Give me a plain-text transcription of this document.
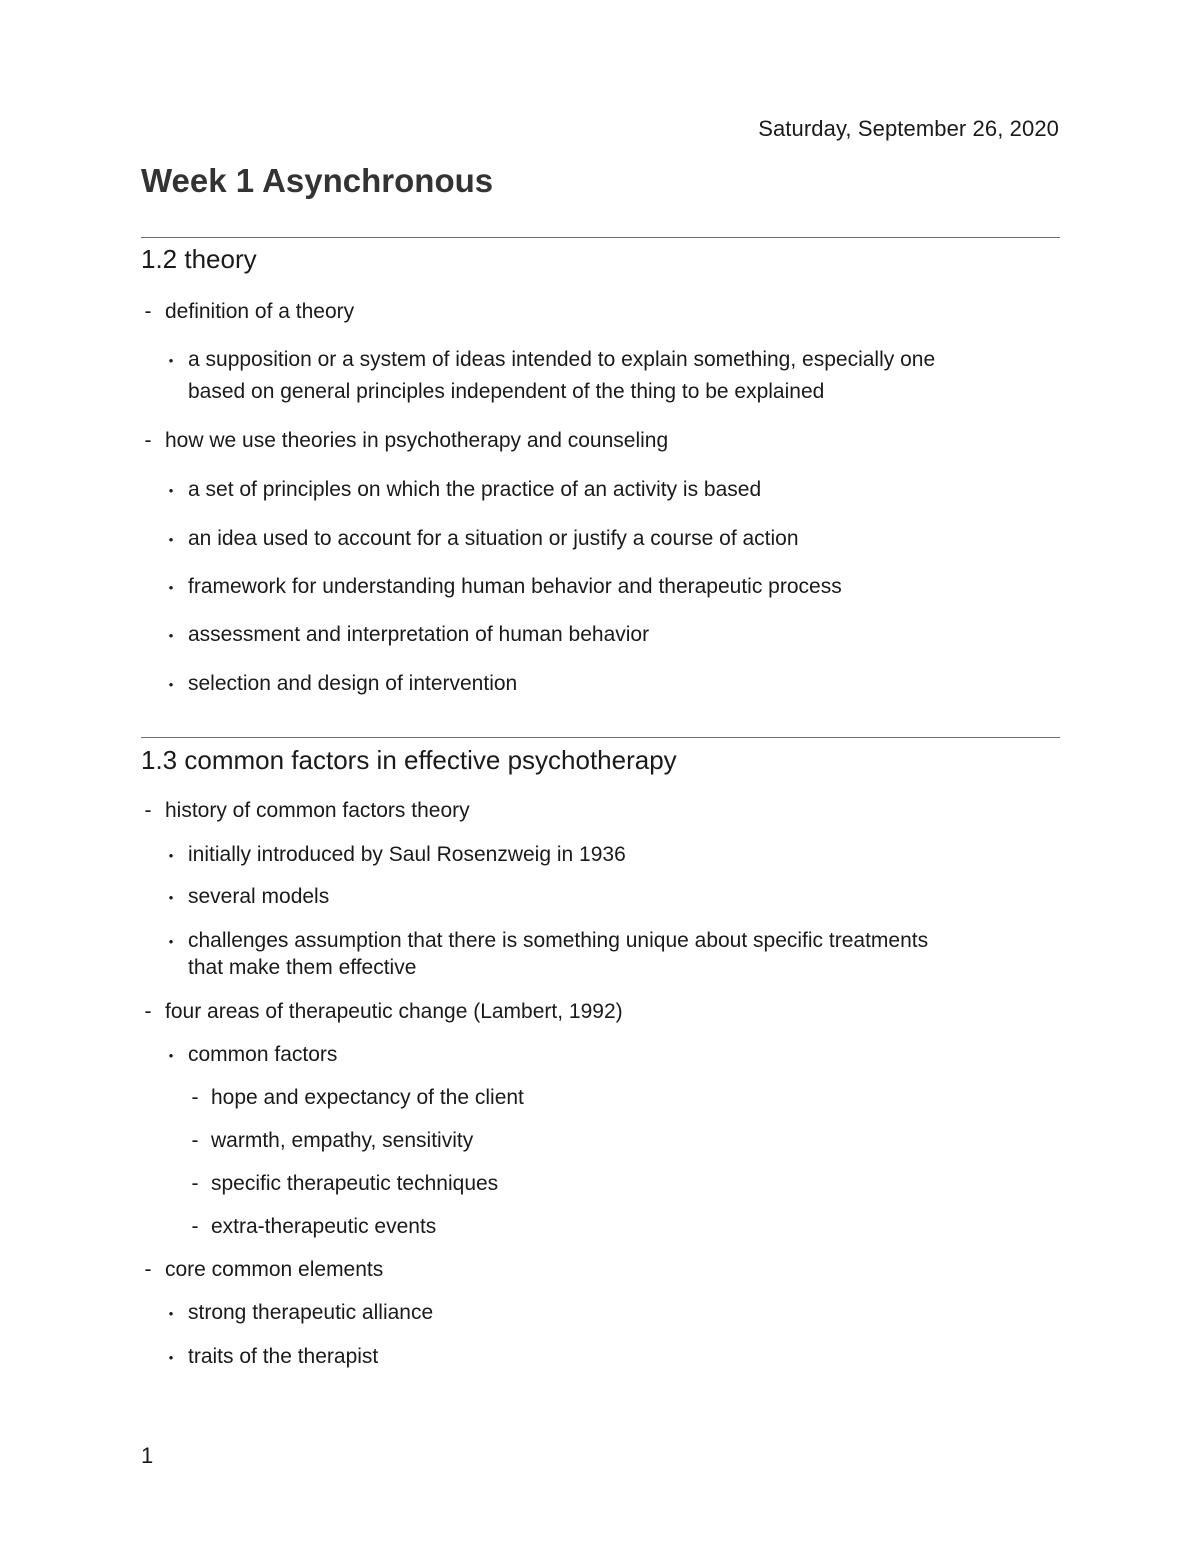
Saturday, September 26, 2020
Week 1 Asynchronous
1.2 theory
- definition of a theory
• a supposition or a system of ideas intended to explain something, especially one
based on general principles independent of the thing to be explained
- how we use theories in psychotherapy and counseling
• a set of principles on which the practice of an activity is based
• an idea used to account for a situation or justify a course of action
• framework for understanding human behavior and therapeutic process
• assessment and interpretation of human behavior
• selection and design of intervention
1.3 common factors in effective psychotherapy
- history of common factors theory
• initially introduced by Saul Rosenzweig in 1936
• several models
• challenges assumption that there is something unique about specific treatments
that make them effective
- four areas of therapeutic change (Lambert, 1992)
• common factors
- hope and expectancy of the client
- warmth, empathy, sensitivity
- specific therapeutic techniques
- extra-therapeutic events
- core common elements
• strong therapeutic alliance
• traits of the therapist
1
